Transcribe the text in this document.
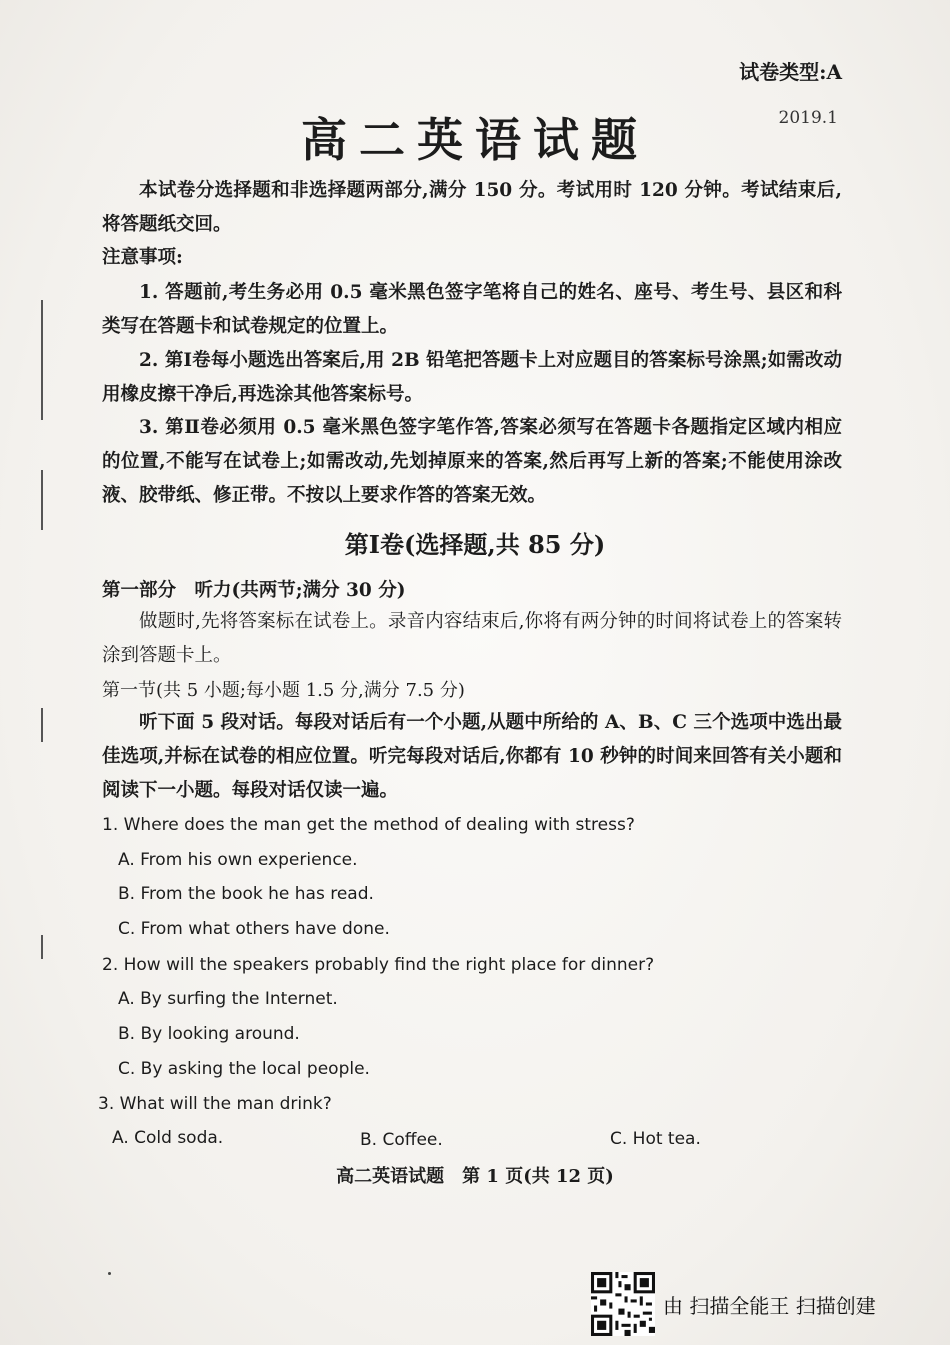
试卷类型:A
2019.1
高二英语试题
本试卷分选择题和非选择题两部分,满分 150 分。考试用时 120 分钟。考试结束后,将答题纸交回。
注意事项:
1. 答题前,考生务必用 0.5 毫米黑色签字笔将自己的姓名、座号、考生号、县区和科类写在答题卡和试卷规定的位置上。
2. 第Ⅰ卷每小题选出答案后,用 2B 铅笔把答题卡上对应题目的答案标号涂黑;如需改动用橡皮擦干净后,再选涂其他答案标号。
3. 第Ⅱ卷必须用 0.5 毫米黑色签字笔作答,答案必须写在答题卡各题指定区域内相应的位置,不能写在试卷上;如需改动,先划掉原来的答案,然后再写上新的答案;不能使用涂改液、胶带纸、修正带。不按以上要求作答的答案无效。
第Ⅰ卷(选择题,共 85 分)
第一部分　听力(共两节;满分 30 分)
做题时,先将答案标在试卷上。录音内容结束后,你将有两分钟的时间将试卷上的答案转涂到答题卡上。
第一节(共 5 小题;每小题 1.5 分,满分 7.5 分)
听下面 5 段对话。每段对话后有一个小题,从题中所给的 A、B、C 三个选项中选出最佳选项,并标在试卷的相应位置。听完每段对话后,你都有 10 秒钟的时间来回答有关小题和阅读下一小题。每段对话仅读一遍。
1. Where does the man get the method of dealing with stress?
A. From his own experience.
B. From the book he has read.
C. From what others have done.
2. How will the speakers probably find the right place for dinner?
A. By surfing the Internet.
B. By looking around.
C. By asking the local people.
3. What will the man drink?
A. Cold soda.	B. Coffee.	C. Hot tea.
高二英语试题　第 1 页(共 12 页)
由 扫描全能王 扫描创建
